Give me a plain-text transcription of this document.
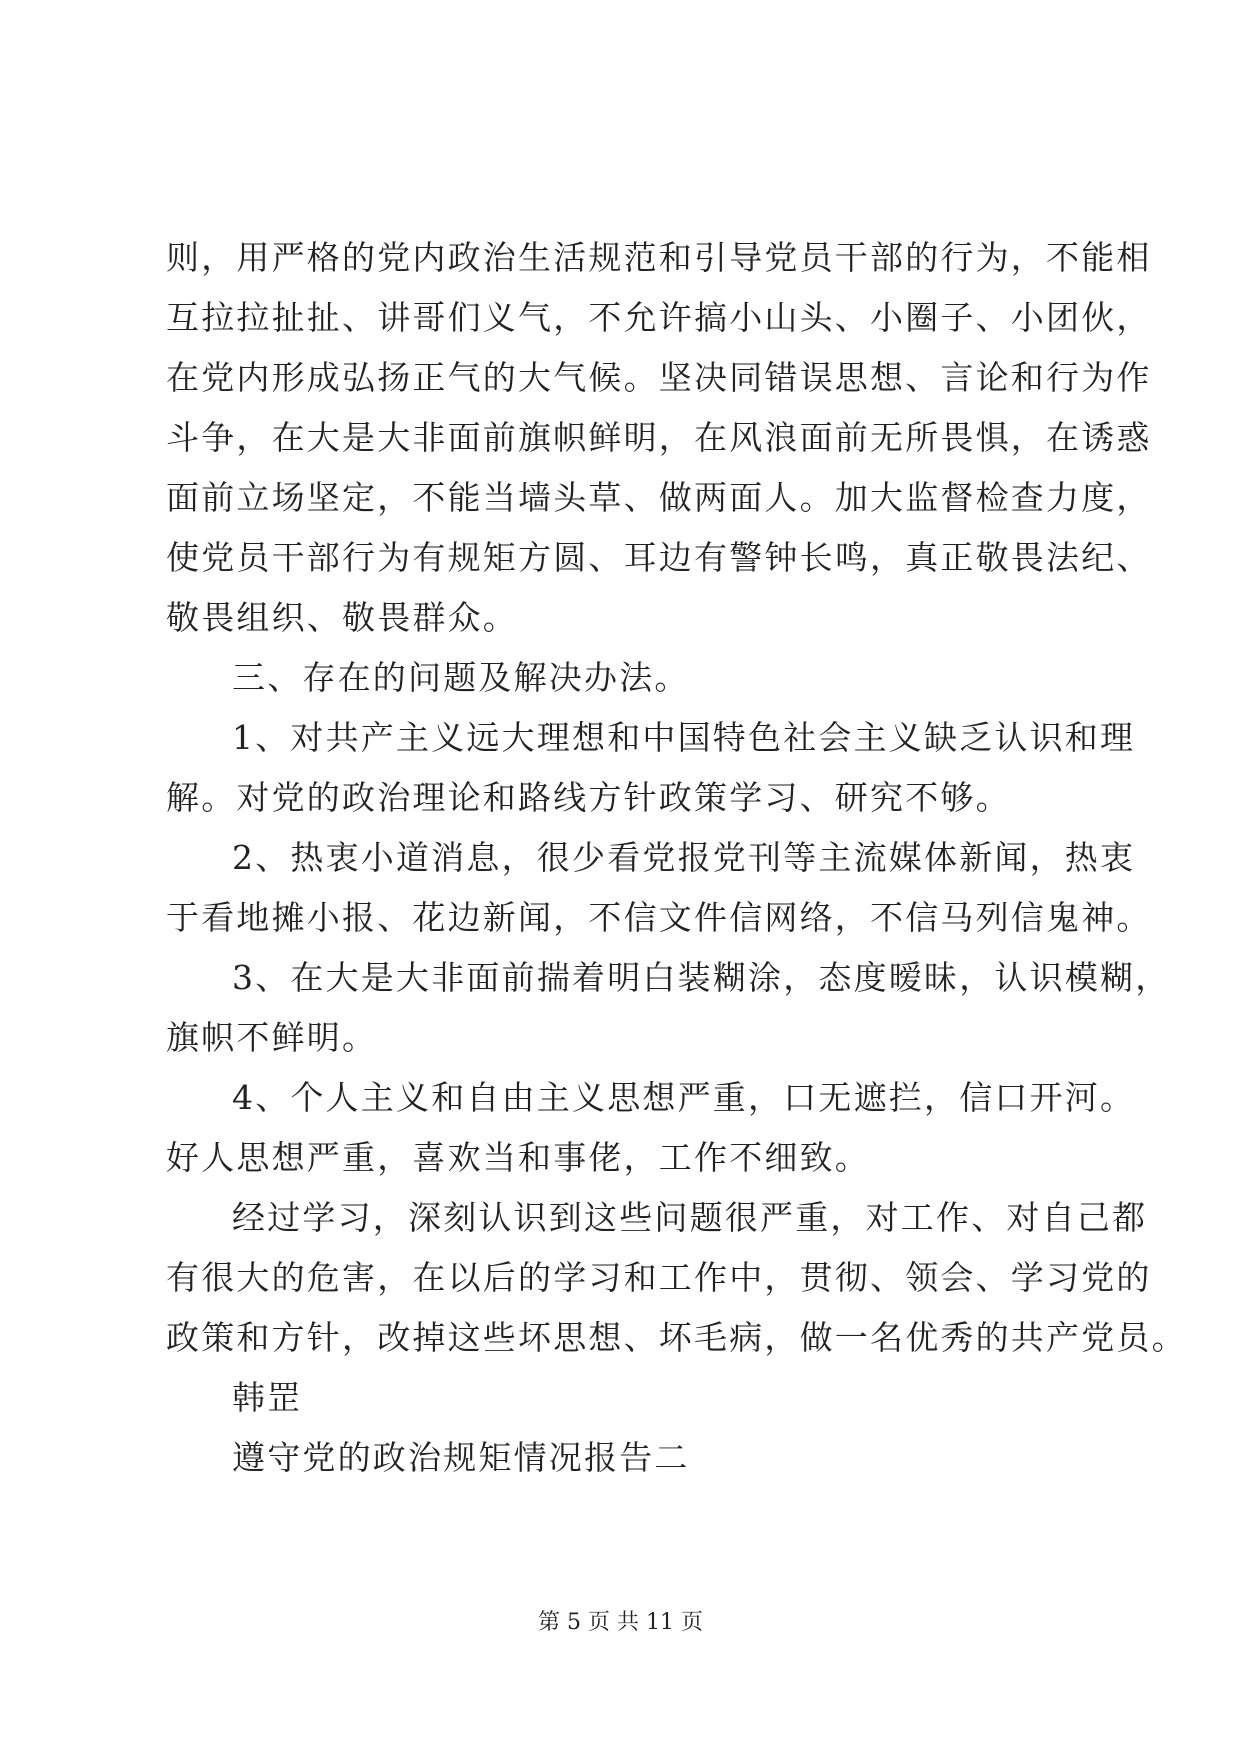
则，用严格的党内政治生活规范和引导党员干部的行为，不能相
互拉拉扯扯、讲哥们义气，不允许搞小山头、小圈子、小团伙，
在党内形成弘扬正气的大气候。坚决同错误思想、言论和行为作
斗争，在大是大非面前旗帜鲜明，在风浪面前无所畏惧，在诱惑
面前立场坚定，不能当墙头草、做两面人。加大监督检查力度，
使党员干部行为有规矩方圆、耳边有警钟长鸣，真正敬畏法纪、
敬畏组织、敬畏群众。
三、存在的问题及解决办法。
1、对共产主义远大理想和中国特色社会主义缺乏认识和理
解。对党的政治理论和路线方针政策学习、研究不够。
2、热衷小道消息，很少看党报党刊等主流媒体新闻，热衷
于看地摊小报、花边新闻，不信文件信网络，不信马列信鬼神。
3、在大是大非面前揣着明白装糊涂，态度暧昧，认识模糊，
旗帜不鲜明。
4、个人主义和自由主义思想严重，口无遮拦，信口开河。
好人思想严重，喜欢当和事佬，工作不细致。
经过学习，深刻认识到这些问题很严重，对工作、对自己都
有很大的危害，在以后的学习和工作中，贯彻、领会、学习党的
政策和方针，改掉这些坏思想、坏毛病，做一名优秀的共产党员。
韩罡
遵守党的政治规矩情况报告二
第 5 页 共 11 页
